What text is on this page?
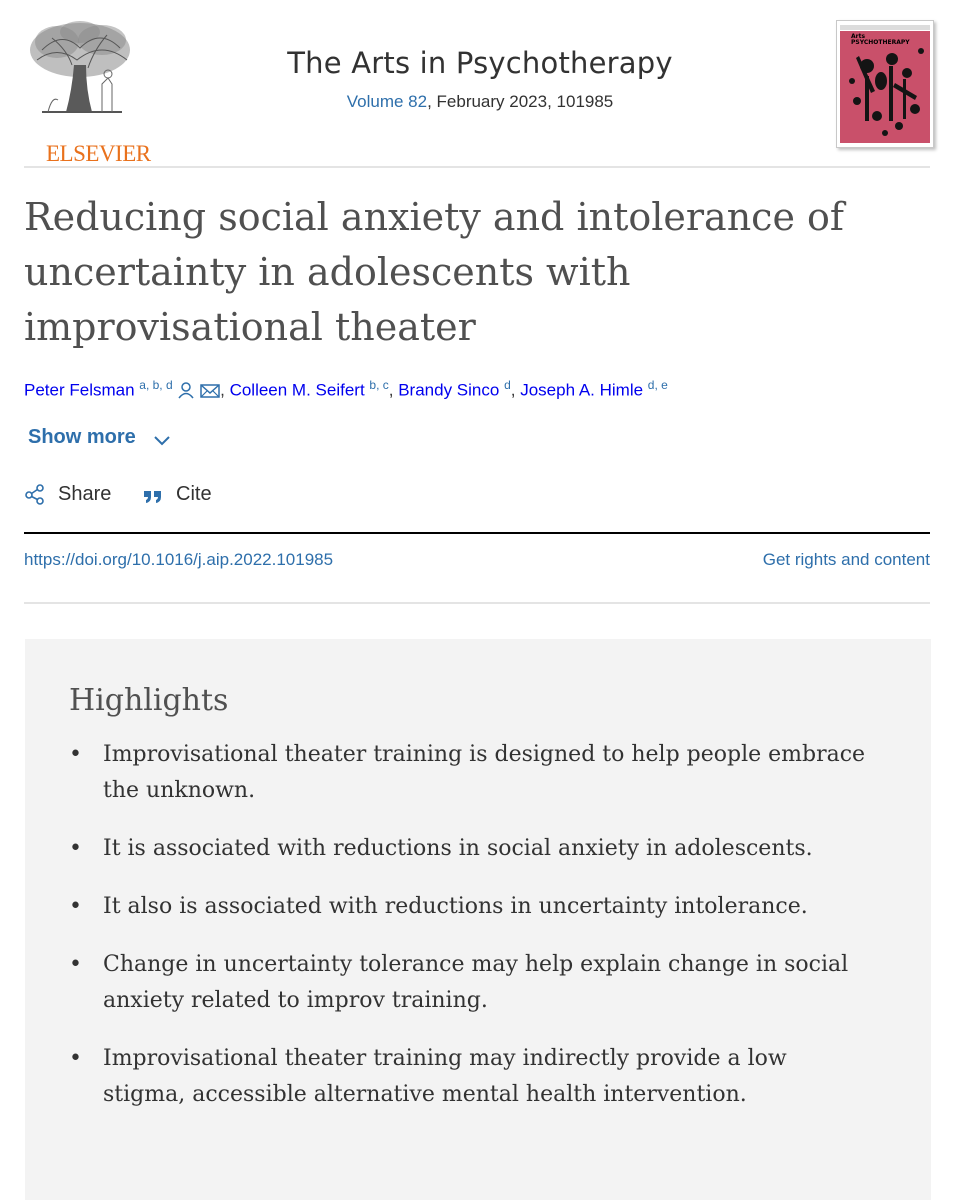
ELSEVIER
The Arts in Psychotherapy
Volume 82, February 2023, 101985
Arts
PSYCHOTHERAPY
Reducing social anxiety and intolerance of uncertainty in adolescents with improvisational theater
Peter Felsman $^{a, b, d}$	, Colleen M. Seifert $^{b, c}$, Brandy Sinco $^d$, Joseph A. Himle $^{d, e}$
Show more
Share	Cite
https://doi.org/10.1016/j.aip.2022.101985	Get rights and content
Highlights
• Improvisational theater training is designed to help people embrace the unknown.
• It is associated with reductions in social anxiety in adolescents.
• It also is associated with reductions in uncertainty intolerance.
• Change in uncertainty tolerance may help explain change in social anxiety related to improv training.
• Improvisational theater training may indirectly provide a low stigma, accessible alternative mental health intervention.
